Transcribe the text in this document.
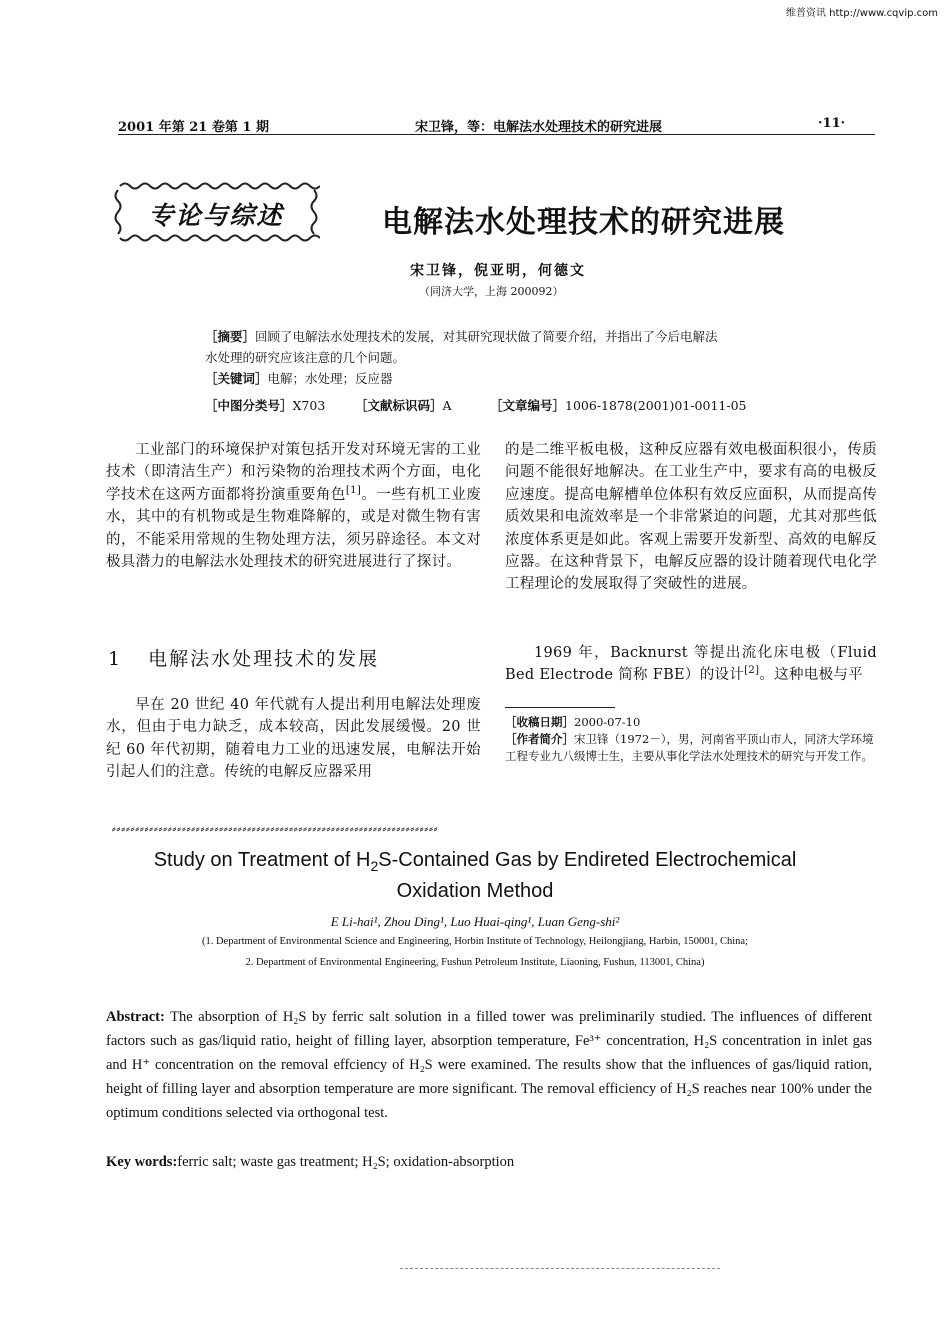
维普资讯 http://www.cqvip.com
2001 年第 21 卷第 1 期	宋卫锋，等：电解法水处理技术的研究进展	·11·
专论与综述	电解法水处理技术的研究进展
宋卫锋，倪亚明，何德文
（同济大学，上海 200092）
［摘要］回顾了电解法水处理技术的发展，对其研究现状做了简要介绍，并指出了今后电解法
水处理的研究应该注意的几个问题。
［关键词］电解；水处理；反应器
［中图分类号］X703 ［文献标识码］A	［文章编号］1006-1878(2001)01-0011-05

工业部门的环境保护对策包括开发对环境无害的工业技术（即清洁生产）和污染物的治理技术两个方面，电化学技术在这两方面都将扮演重要角色[1]。一些有机工业废水，其中的有机物或是生物难降解的，或是对微生物有害的，不能采用常规的生物处理方法，须另辟途径。本文对极具潜力的电解法水处理技术的研究进展进行了探讨。

1 电解法水处理技术的发展

早在 20 世纪 40 年代就有人提出利用电解法处理废水，但由于电力缺乏，成本较高，因此发展缓慢。20 世纪 60 年代初期，随着电力工业的迅速发展，电解法开始引起人们的注意。传统的电解反应器采用

的是二维平板电极，这种反应器有效电极面积很小，传质问题不能很好地解决。在工业生产中，要求有高的电极反应速度。提高电解槽单位体积有效反应面积，从而提高传质效果和电流效率是一个非常紧迫的问题，尤其对那些低浓度体系更是如此。客观上需要开发新型、高效的电解反应器。在这种背景下，电解反应器的设计随着现代电化学工程理论的发展取得了突破性的进展。

1969 年，Backnurst 等提出流化床电极（Fluid Bed Electrode 简称 FBE）的设计[2]。这种电极与平

［收稿日期］2000-07-10
［作者简介］宋卫锋（1972－），男，河南省平顶山市人，同济大学环境工程专业九八级博士生，主要从事化学法水处理技术的研究与开发工作。
⸗⸗⸗⸗⸗⸗⸗⸗⸗⸗⸗⸗⸗⸗⸗⸗⸗⸗⸗⸗⸗⸗⸗⸗⸗⸗⸗⸗⸗⸗⸗⸗⸗⸗⸗⸗⸗⸗⸗⸗⸗⸗⸗⸗⸗⸗⸗⸗⸗⸗⸗⸗⸗⸗⸗⸗⸗⸗⸗⸗⸗⸗⸗⸗⸗⸗⸗⸗⸗⸗
Study on Treatment of $H_2S$-Contained Gas by Endireted Electrochemical
Oxidation Method
E Li-hai¹, Zhou Ding¹, Luo Huai-qing¹, Luan Geng-shi²
(1. Department of Environmental Science and Engineering, Horbin Institute of Technology, Heilongjiang, Harbin, 150001, China;
2. Department of Environmental Engineering, Fushun Petroleum Institute, Liaoning, Fushun, 113001, China)
Abstract: The absorption of H₂S by ferric salt solution in a filled tower was preliminarily studied. The influences of different factors such as gas/liquid ratio, height of filling layer, absorption temperature, Fe³⁺ concentration, H₂S concentration in inlet gas and H⁺ concentration on the removal effciency of H₂S were examined. The results show that the influences of gas/liquid ration, height of filling layer and absorption temperature are more significant. The removal efficiency of H₂S reaches near 100% under the optimum conditions selected via orthogonal test.
Key words:ferric salt; waste gas treatment; H₂S; oxidation-absorption
